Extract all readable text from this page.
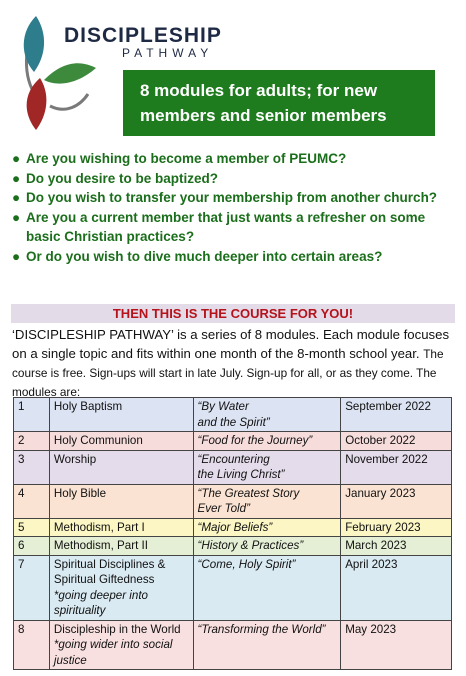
DISCIPLESHIP
PATHWAY
8 modules for adults; for new members and senior members
● Are you wishing to become a member of PEUMC?
● Do you desire to be baptized?
● Do you wish to transfer your membership from another church?
● Are you a current member that just wants a refresher on some basic Christian practices?
● Or do you wish to dive much deeper into certain areas?
THEN THIS IS THE COURSE FOR YOU!
‘DISCIPLESHIP PATHWAY’ is a series of 8 modules. Each module focuses on a single topic and fits within one month of the 8-month school year. The course is free. Sign-ups will start in late July. Sign-up for all, or as they come. The modules are:
1	Holy Baptism	“By Water
and the Spirit”	September 2022
2	Holy Communion	“Food for the Journey”	October 2022
3	Worship	“Encountering
the Living Christ”	November 2022
4	Holy Bible	“The Greatest Story
Ever Told”	January 2023
5	Methodism, Part I	“Major Beliefs”	February 2023
6	Methodism, Part II	“History & Practices”	March 2023
7	Spiritual Disciplines & Spiritual Giftedness
*going deeper into spirituality	“Come, Holy Spirit”	April 2023
8	Discipleship in the World
*going wider into social justice	“Transforming the World”	May 2023
